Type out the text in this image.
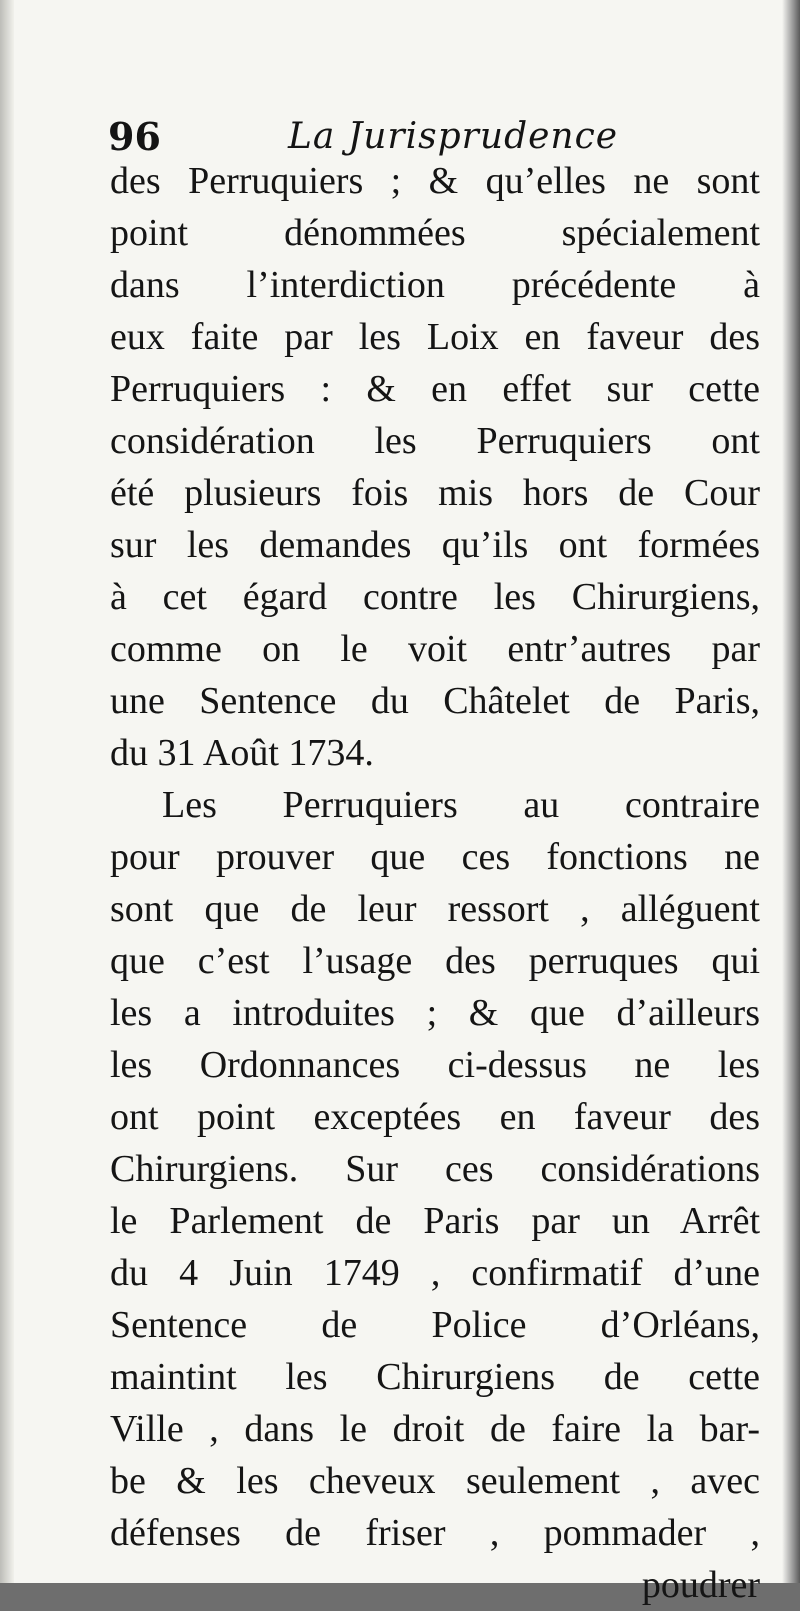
96	La Jurisprudence
des Perruquiers ; & qu’elles ne sont
point dénommées spécialement
dans l’interdiction précédente à
eux faite par les Loix en faveur des
Perruquiers : & en effet sur cette
considération les Perruquiers ont
été plusieurs fois mis hors de Cour
sur les demandes qu’ils ont formées
à cet égard contre les Chirurgiens,
comme on le voit entr’autres par
une Sentence du Châtelet de Paris,
du 31 Août 1734.
Les Perruquiers au contraire
pour prouver que ces fonctions ne
sont que de leur ressort , alléguent
que c’est l’usage des perruques qui
les a introduites ; & que d’ailleurs
les Ordonnances ci-dessus ne les
ont point exceptées en faveur des
Chirurgiens. Sur ces considérations
le Parlement de Paris par un Arrêt
du 4 Juin 1749 , confirmatif d’une
Sentence de Police d’Orléans,
maintint les Chirurgiens de cette
Ville , dans le droit de faire la bar-
be & les cheveux seulement , avec
défenses de friser , pommader ,
poudrer
